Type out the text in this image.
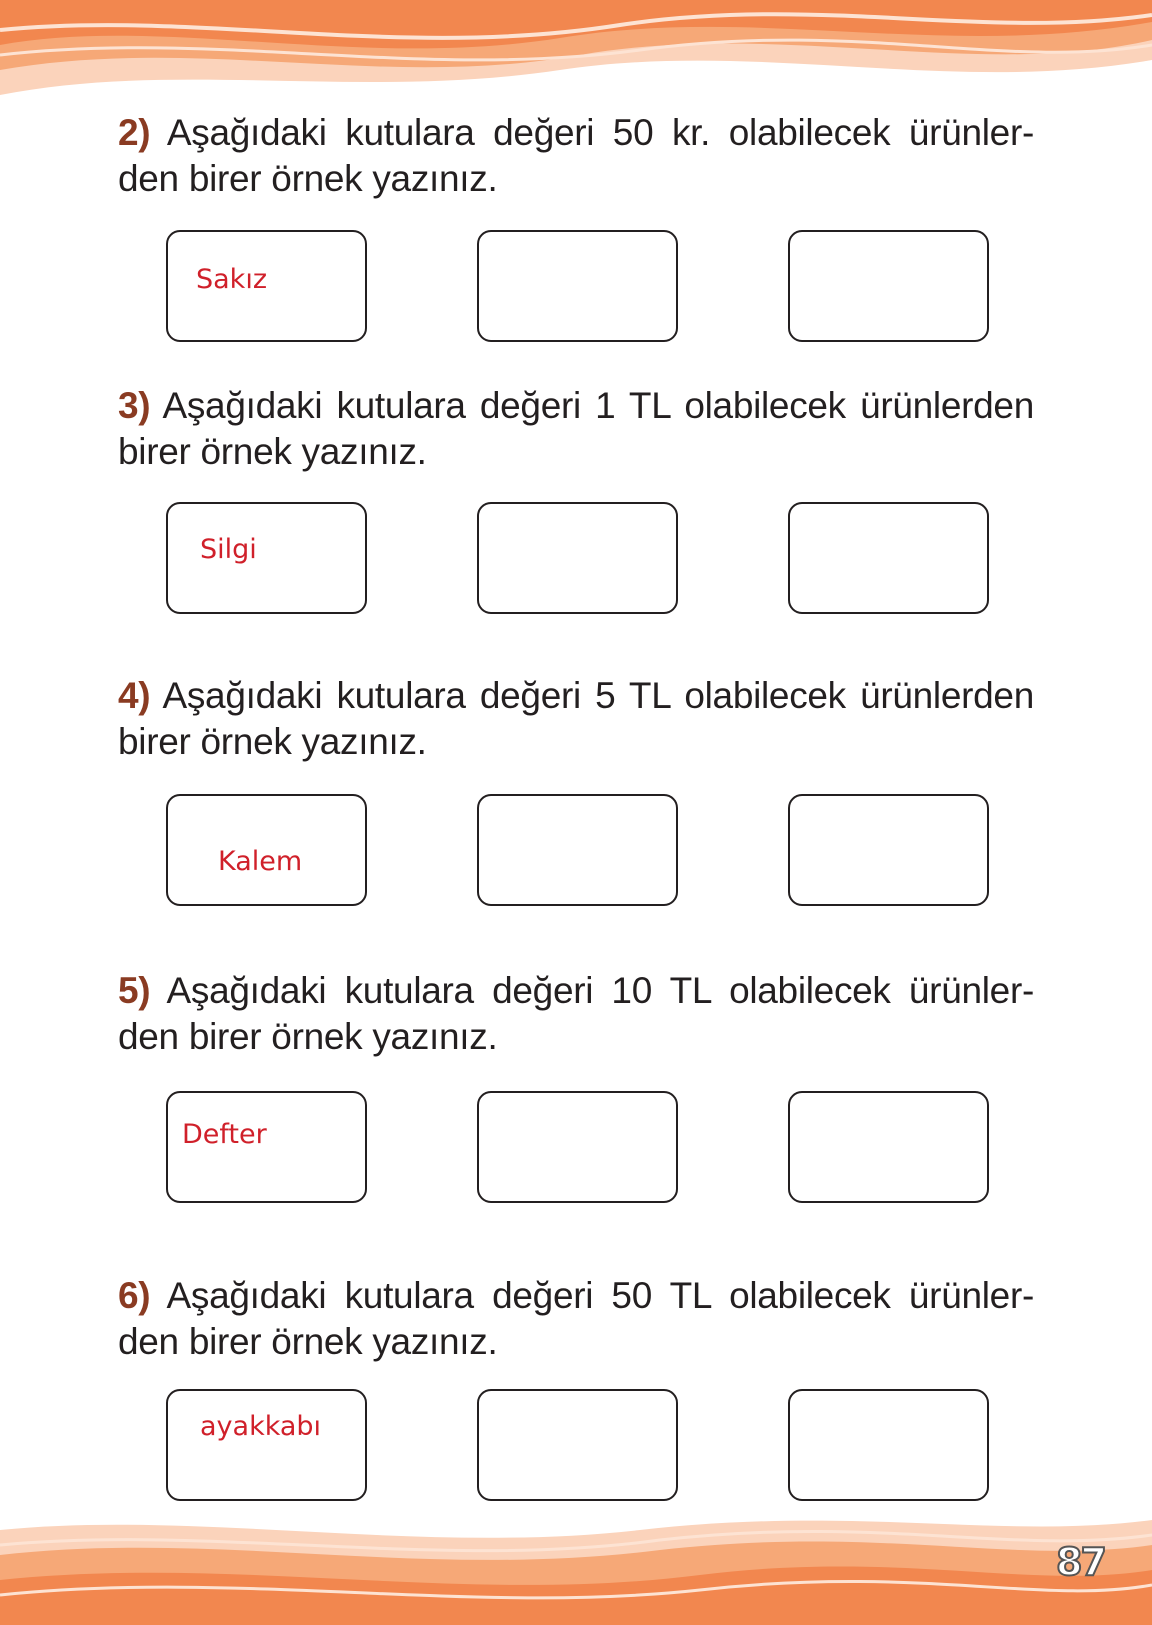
2) Aşağıdaki kutulara değeri 50 kr. olabilecek ürünler-den birer örnek yazınız.

Sakız

3) Aşağıdaki kutulara değeri 1 TL olabilecek ürünlerden birer örnek yazınız.

Silgi

4) Aşağıdaki kutulara değeri 5 TL olabilecek ürünlerden birer örnek yazınız.

Kalem

5) Aşağıdaki kutulara değeri 10 TL olabilecek ürünler-den birer örnek yazınız.

Defter

6) Aşağıdaki kutulara değeri 50 TL olabilecek ürünler-den birer örnek yazınız.

ayakkabı
87
